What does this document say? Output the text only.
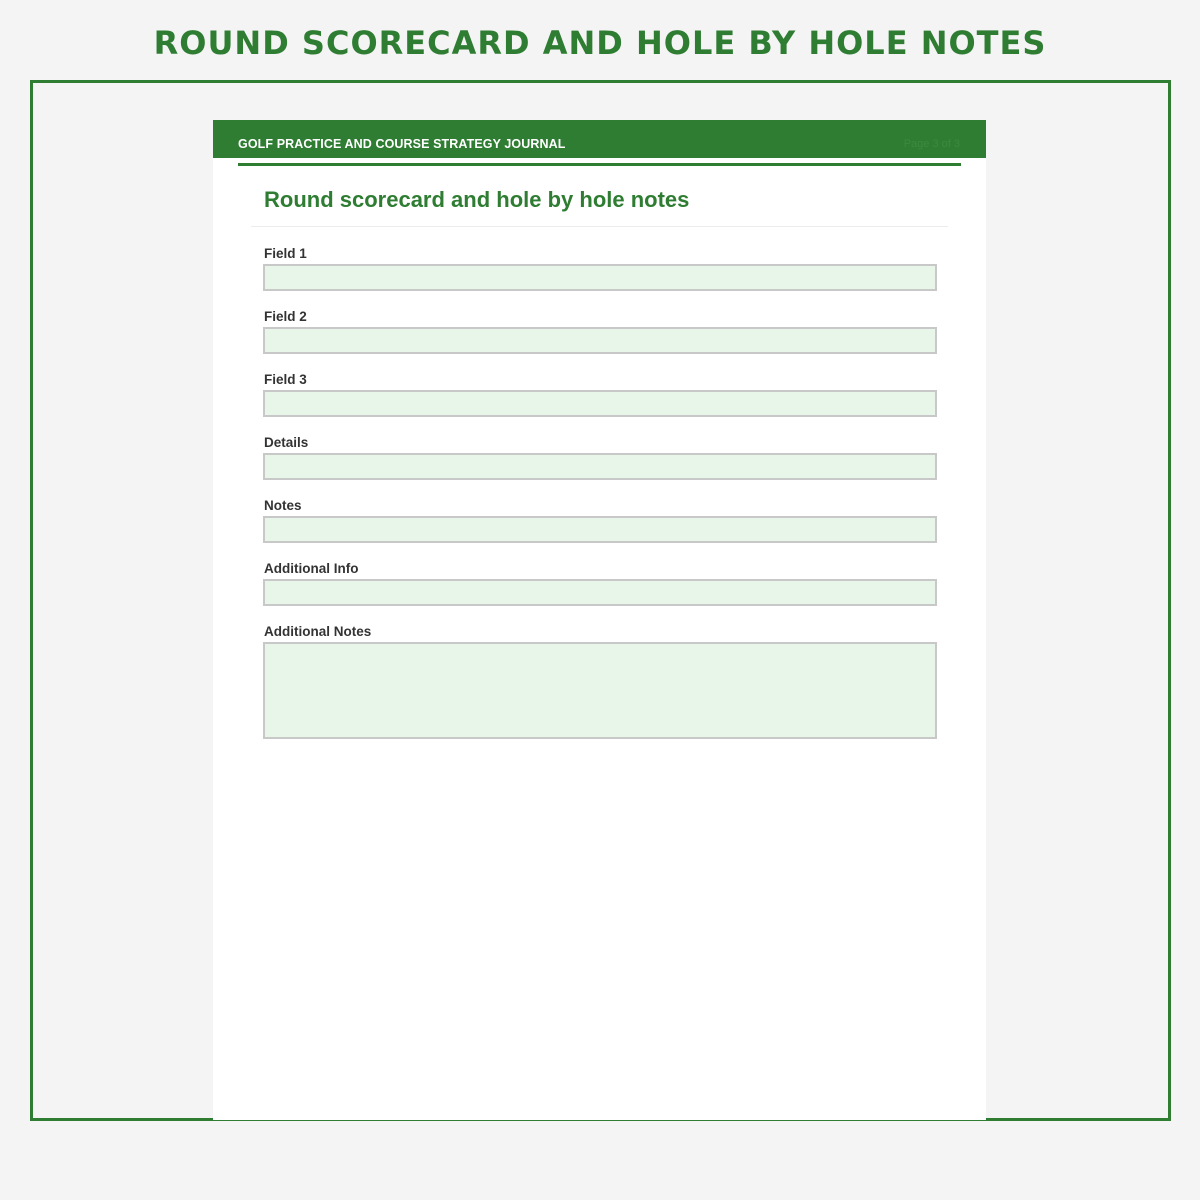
ROUND SCORECARD AND HOLE BY HOLE NOTES
GOLF PRACTICE AND COURSE STRATEGY JOURNAL	Page 3 of 3
Round scorecard and hole by hole notes
Field 1
Field 2
Field 3
Details
Notes
Additional Info
Additional Notes
